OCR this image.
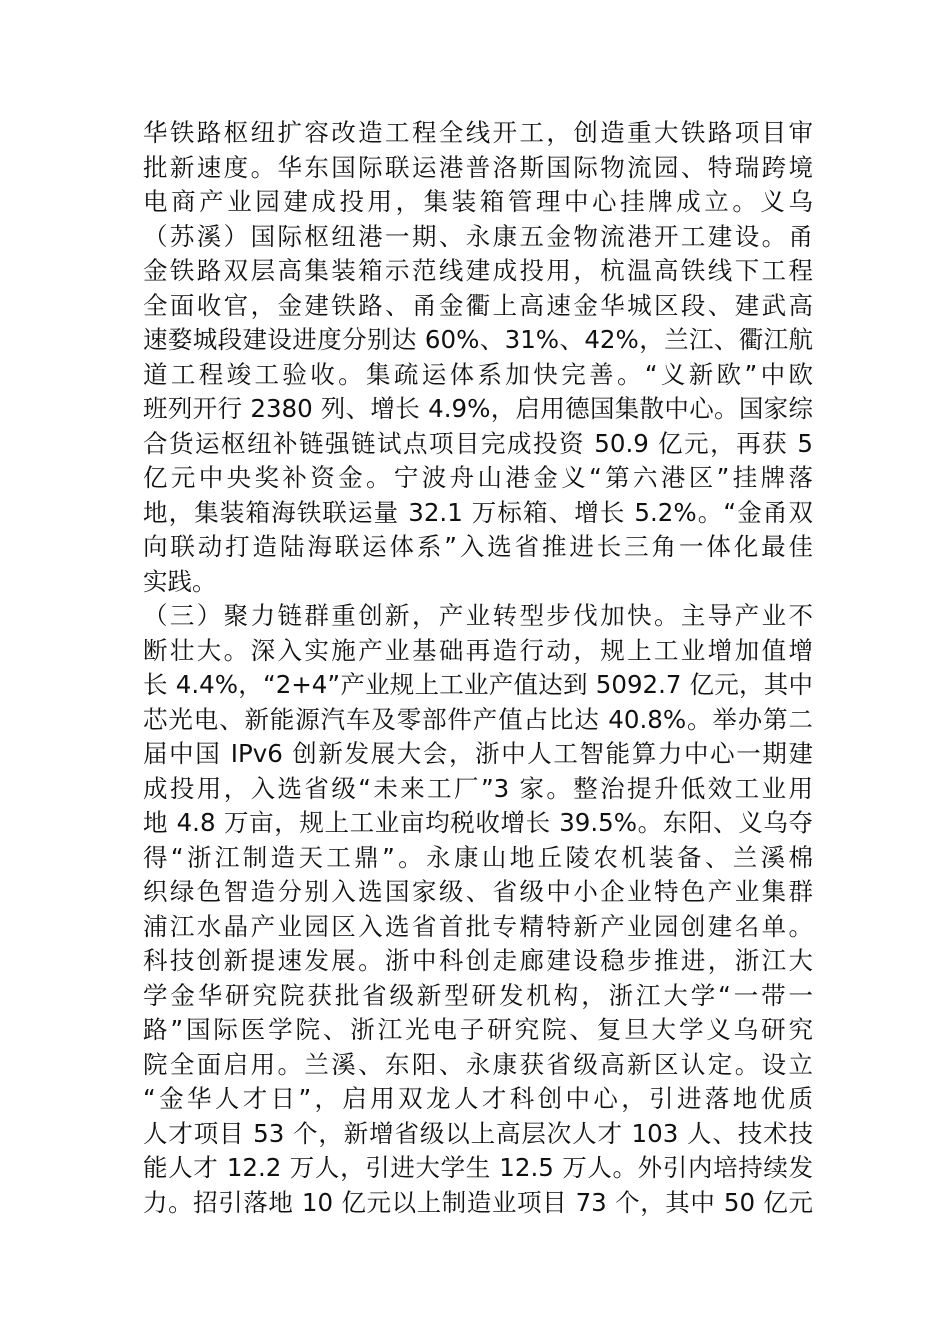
华铁路枢纽扩容改造工程全线开工，创造重大铁路项目审
批新速度。华东国际联运港普洛斯国际物流园、特瑞跨境
电商产业园建成投用，集装箱管理中心挂牌成立。义乌
（苏溪）国际枢纽港一期、永康五金物流港开工建设。甬
金铁路双层高集装箱示范线建成投用，杭温高铁线下工程
全面收官，金建铁路、甬金衢上高速金华城区段、建武高
速婺城段建设进度分别达 60%、31%、42%，兰江、衢江航
道工程竣工验收。集疏运体系加快完善。“义新欧”中欧
班列开行 2380 列、增长 4.9%，启用德国集散中心。国家综
合货运枢纽补链强链试点项目完成投资 50.9 亿元，再获 5
亿元中央奖补资金。宁波舟山港金义“第六港区”挂牌落
地，集装箱海铁联运量 32.1 万标箱、增长 5.2%。“金甬双
向联动打造陆海联运体系”入选省推进长三角一体化最佳
实践。
（三）聚力链群重创新，产业转型步伐加快。主导产业不
断壮大。深入实施产业基础再造行动，规上工业增加值增
长 4.4%，“2+4”产业规上工业产值达到 5092.7 亿元，其中
芯光电、新能源汽车及零部件产值占比达 40.8%。举办第二
届中国 IPv6 创新发展大会，浙中人工智能算力中心一期建
成投用，入选省级“未来工厂”3 家。整治提升低效工业用
地 4.8 万亩，规上工业亩均税收增长 39.5%。东阳、义乌夺
得“浙江制造天工鼎”。永康山地丘陵农机装备、兰溪棉
织绿色智造分别入选国家级、省级中小企业特色产业集群
浦江水晶产业园区入选省首批专精特新产业园创建名单。
科技创新提速发展。浙中科创走廊建设稳步推进，浙江大
学金华研究院获批省级新型研发机构，浙江大学“一带一
路”国际医学院、浙江光电子研究院、复旦大学义乌研究
院全面启用。兰溪、东阳、永康获省级高新区认定。设立
“金华人才日”，启用双龙人才科创中心，引进落地优质
人才项目 53 个，新增省级以上高层次人才 103 人、技术技
能人才 12.2 万人，引进大学生 12.5 万人。外引内培持续发
力。招引落地 10 亿元以上制造业项目 73 个，其中 50 亿元
